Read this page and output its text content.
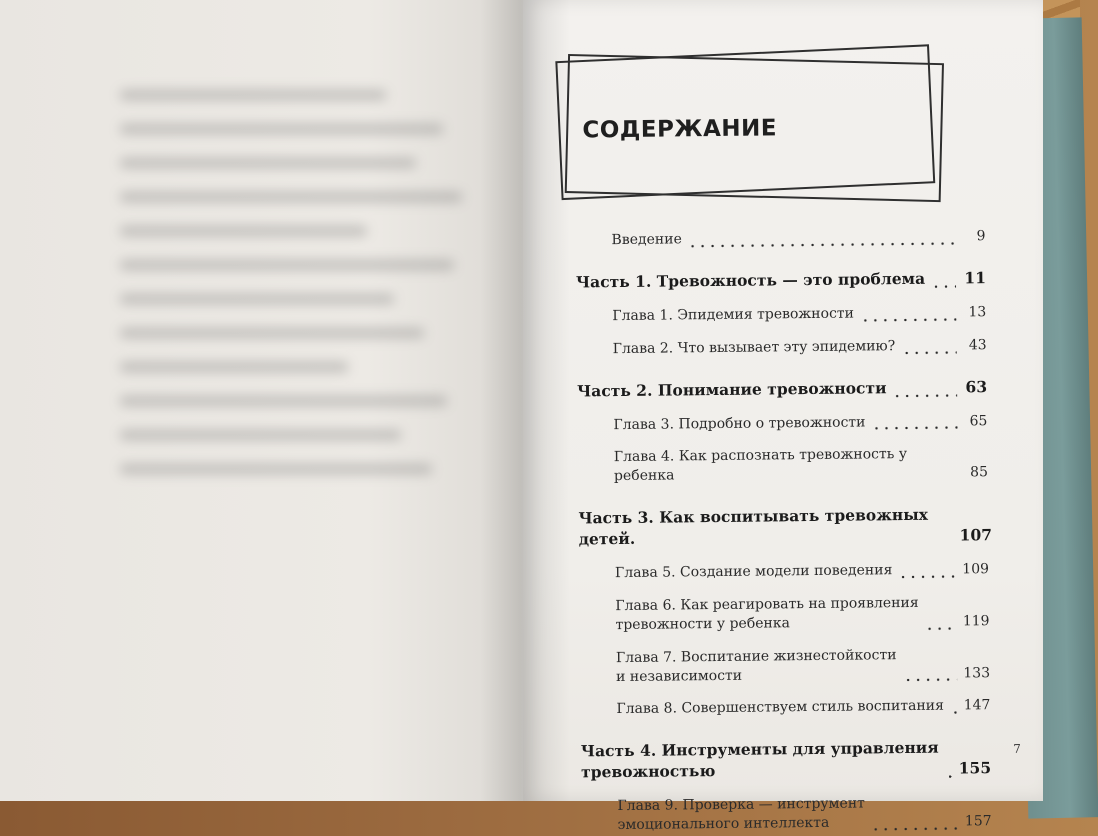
СОДЕРЖАНИЕ
Введение	9
Часть 1. Тревожность — это проблема	11
Глава 1. Эпидемия тревожности	13
Глава 2. Что вызывает эту эпидемию?	43
Часть 2. Понимание тревожности	63
Глава 3. Подробно о тревожности	65
Глава 4. Как распознать тревожность у ребенка	85
Часть 3. Как воспитывать тревожных детей.	107
Глава 5. Создание модели поведения	109
Глава 6. Как реагировать на проявления
тревожности у ребенка	119
Глава 7. Воспитание жизнестойкости
и независимости	133
Глава 8. Совершенствуем стиль воспитания 147
Часть 4. Инструменты для управления
тревожностью	155
Глава 9. Проверка — инструмент
эмоционального интеллекта	157
7
